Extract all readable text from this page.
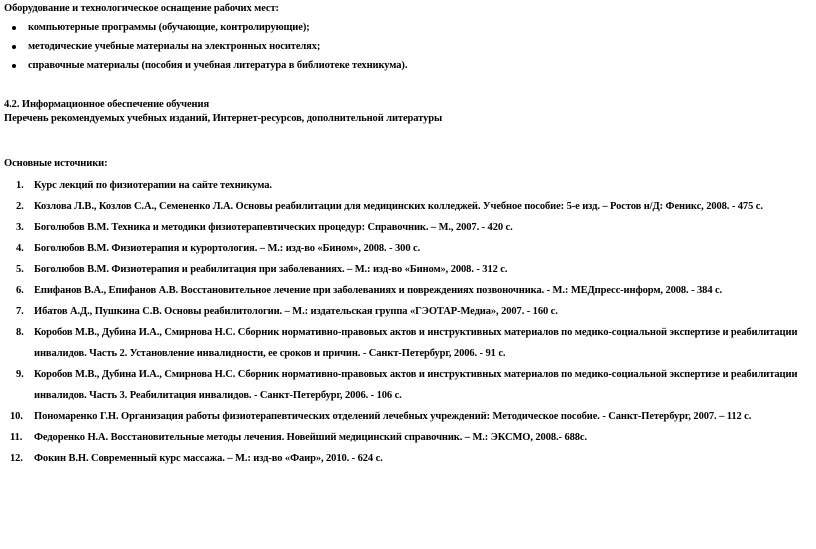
Оборудование и технологическое оснащение рабочих мест:
компьютерные программы (обучающие, контролирующие);
методические учебные материалы на электронных носителях;
справочные материалы (пособия и учебная литература в библиотеке техникума).
4.2. Информационное обеспечение обучения
Перечень рекомендуемых учебных изданий, Интернет-ресурсов, дополнительной литературы
Основные источники:
1. Курс лекций по физиотерапии на сайте техникума.
2. Козлова Л.В., Козлов С.А., Семененко Л.А. Основы реабилитации для медицинских колледжей. Учебное пособие: 5-е изд. – Ростов н/Д: Феникс, 2008. - 475 с.
3. Боголюбов В.М. Техника и методики физиотерапевтических процедур: Справочник. – М., 2007. - 420 с.
4. Боголюбов В.М. Физиотерапия и курортология. – М.: изд-во «Бином», 2008. - 300 с.
5. Боголюбов В.М. Физиотерапия и реабилитация при заболеваниях. – М.: изд-во «Бином», 2008. - 312 с.
6. Епифанов В.А., Епифанов А.В. Восстановительное лечение при заболеваниях и повреждениях позвоночника. - М.: МЕДпресс-информ, 2008. - 384 с.
7. Ибатов А.Д., Пушкина С.В. Основы реабилитологии. – М.: издательская группа «ГЭОТАР-Медиа», 2007. - 160 с.
8. Коробов М.В., Дубина И.А., Смирнова Н.С. Сборник нормативно-правовых актов и инструктивных материалов по медико-социальной экспертизе и реабилитации инвалидов. Часть 2. Установление инвалидности, ее сроков и причин. - Санкт-Петербург, 2006. - 91 с.
9. Коробов М.В., Дубина И.А., Смирнова Н.С. Сборник нормативно-правовых актов и инструктивных материалов по медико-социальной экспертизе и реабилитации инвалидов. Часть 3. Реабилитация инвалидов. - Санкт-Петербург, 2006. - 106 с.
10. Пономаренко Г.Н. Организация работы физиотерапевтических отделений лечебных учреждений: Методическое пособие. - Санкт-Петербург, 2007. – 112 с.
11. Федоренко Н.А. Восстановительные методы лечения. Новейший медицинский справочник. – М.: ЭКСМО, 2008.- 688с.
12. Фокин В.Н. Современный курс массажа. – М.: изд-во «Фаир», 2010. - 624 с.
